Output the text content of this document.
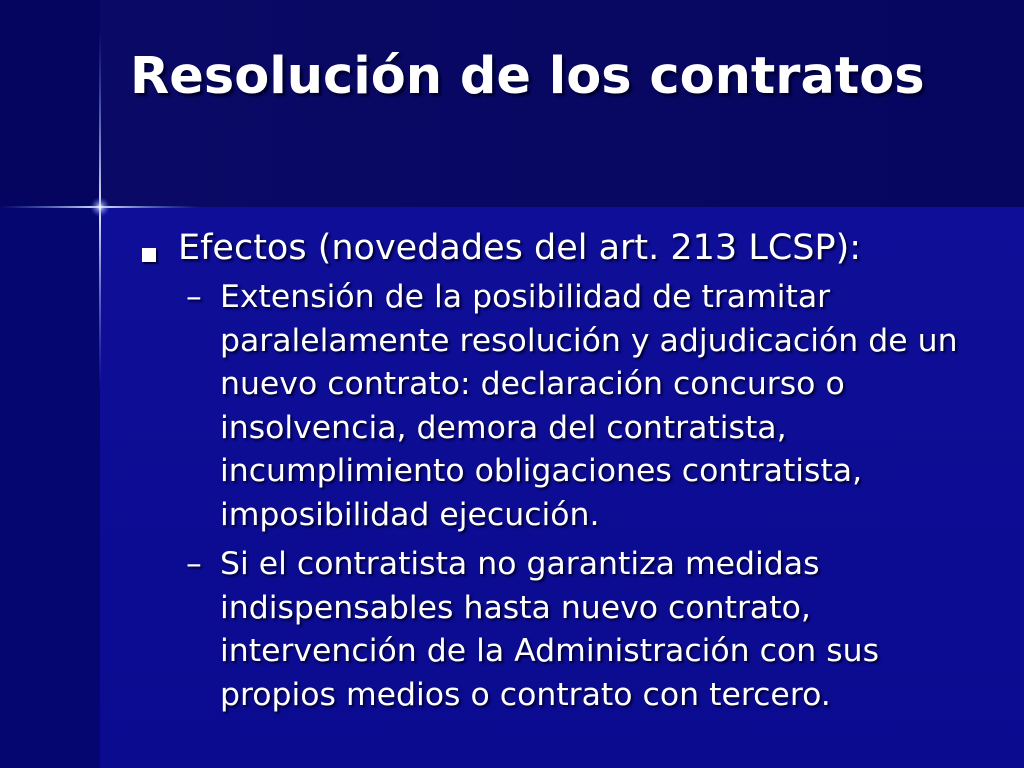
Resolución de los contratos
Efectos (novedades del art. 213 LCSP):
– Extensión de la posibilidad de tramitar paralelamente resolución y adjudicación de un nuevo contrato: declaración concurso o insolvencia, demora del contratista, incumplimiento obligaciones contratista, imposibilidad ejecución.
– Si el contratista no garantiza medidas indispensables hasta nuevo contrato, intervención de la Administración con sus propios medios o contrato con tercero.
